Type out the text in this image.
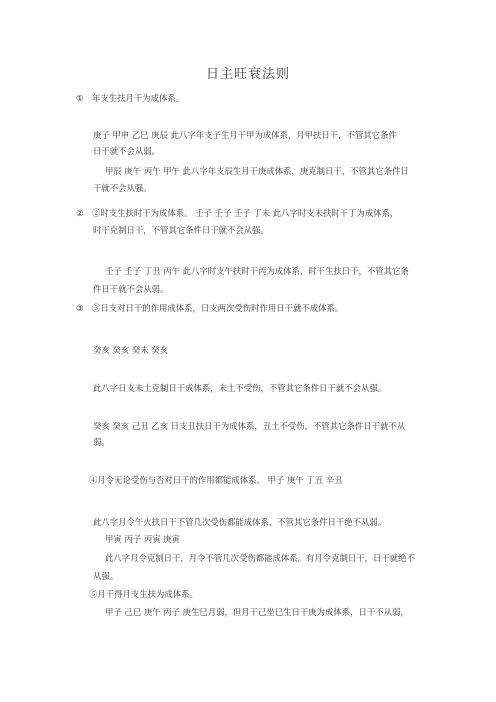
日主旺衰法则
① 年支生扶月干为成体系。
庚子 甲申 乙巳 庚辰 此八字年支子生月干甲为成体系，月甲扶日干，不管其它条件
日干就不会从弱。
甲辰 庚午 丙午 甲午 此八字年支辰生月干庚成体系，庚克制日干，不管其它条件日
干就不会从强。
② ②时支生扶时干为成体系。 壬子 壬子 壬子 丁未 此八字时支未扶时干丁为成体系，
时干克制日干，不管其它条件日干就不会从强。
壬子 壬子 丁丑 丙午 此八字时支午扶时干丙为成体系，时干生扶日干，不管其它条
件日干就不会从弱。
③ ③日支对日干的作用成体系，日支两次受伤时作用日干就不成体系。
癸亥 癸亥 癸未 癸亥
此八字日支未土克制日干成体系，未土不受伤，不管其它条件日干就不会从强。
癸亥 癸亥 己丑 乙亥 日支丑扶日干为成体系，丑土不受伤，不管其它条件日干就不从
弱。
④月令无论受伤与否对日干的作用都能成体系。 甲子 庚午 丁丑 辛丑
此八字月令午火扶日干不管几次受伤都能成体系，不管其它条件日干绝不从弱。
甲寅 丙子 丙寅 庚寅
此八字月令克制日干，月令不管几次受伤都能成体系。有月令克制日干，日干就绝不
从强。
⑤月干得月支生扶为成体系。
甲子 己巳 庚午 丙子 庚生巳月弱，但月干己坐巳生日干庚为成体系，日干不从弱，
